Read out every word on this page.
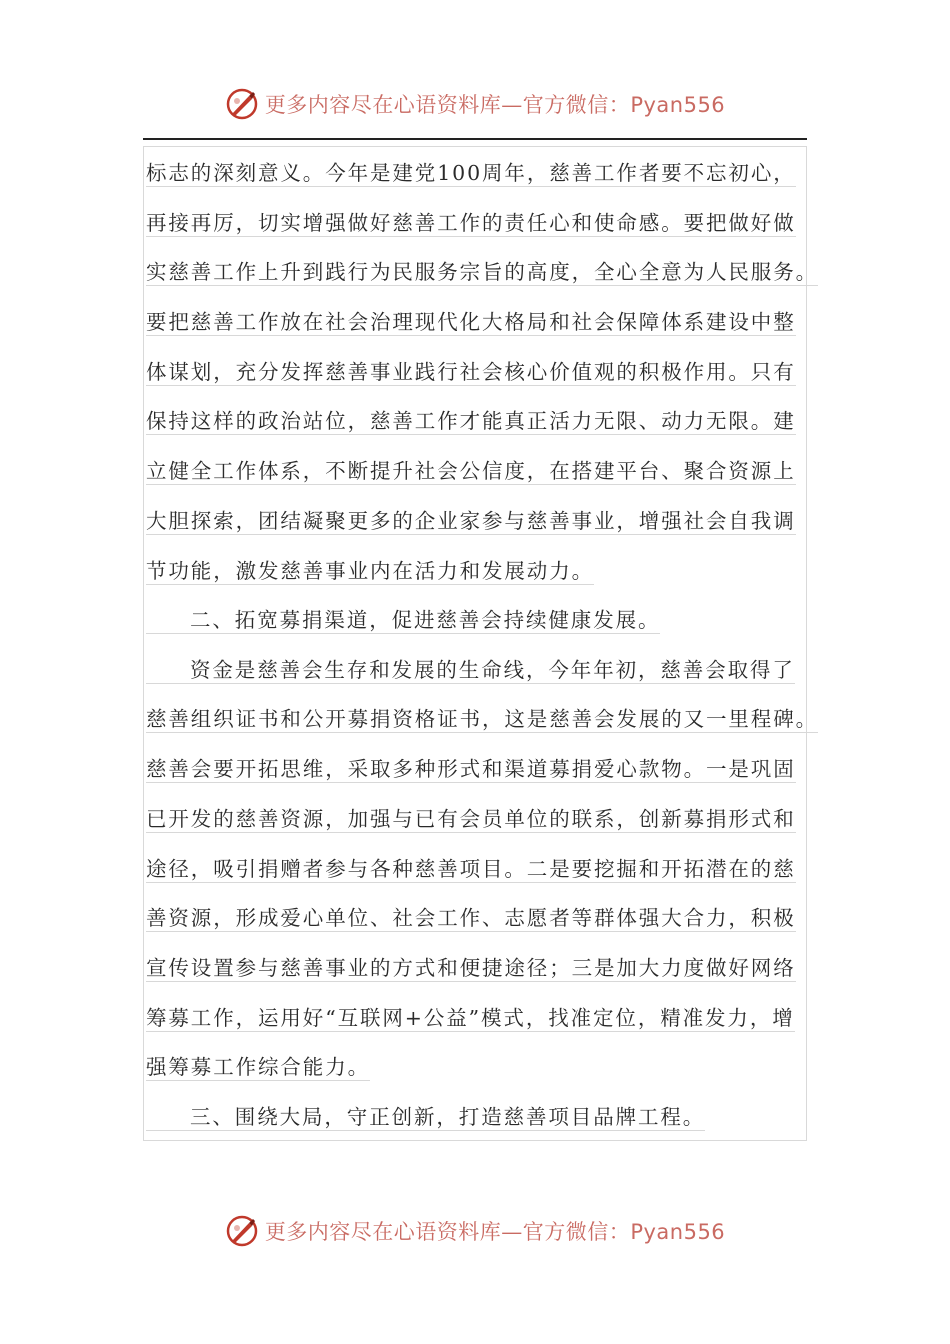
更多内容尽在心语资料库—官方微信：Pyan556
标志的深刻意义。今年是建党100周年，慈善工作者要不忘初心，
再接再厉，切实增强做好慈善工作的责任心和使命感。要把做好做
实慈善工作上升到践行为民服务宗旨的高度，全心全意为人民服务。
要把慈善工作放在社会治理现代化大格局和社会保障体系建设中整
体谋划，充分发挥慈善事业践行社会核心价值观的积极作用。只有
保持这样的政治站位，慈善工作才能真正活力无限、动力无限。建
立健全工作体系，不断提升社会公信度，在搭建平台、聚合资源上
大胆探索，团结凝聚更多的企业家参与慈善事业，增强社会自我调
节功能，激发慈善事业内在活力和发展动力。
二、拓宽募捐渠道，促进慈善会持续健康发展。
资金是慈善会生存和发展的生命线，今年年初，慈善会取得了
慈善组织证书和公开募捐资格证书，这是慈善会发展的又一里程碑。
慈善会要开拓思维，采取多种形式和渠道募捐爱心款物。一是巩固
已开发的慈善资源，加强与已有会员单位的联系，创新募捐形式和
途径，吸引捐赠者参与各种慈善项目。二是要挖掘和开拓潜在的慈
善资源，形成爱心单位、社会工作、志愿者等群体强大合力，积极
宣传设置参与慈善事业的方式和便捷途径；三是加大力度做好网络
筹募工作，运用好“互联网+公益”模式，找准定位，精准发力，增
强筹募工作综合能力。
三、围绕大局，守正创新，打造慈善项目品牌工程。
更多内容尽在心语资料库—官方微信：Pyan556
